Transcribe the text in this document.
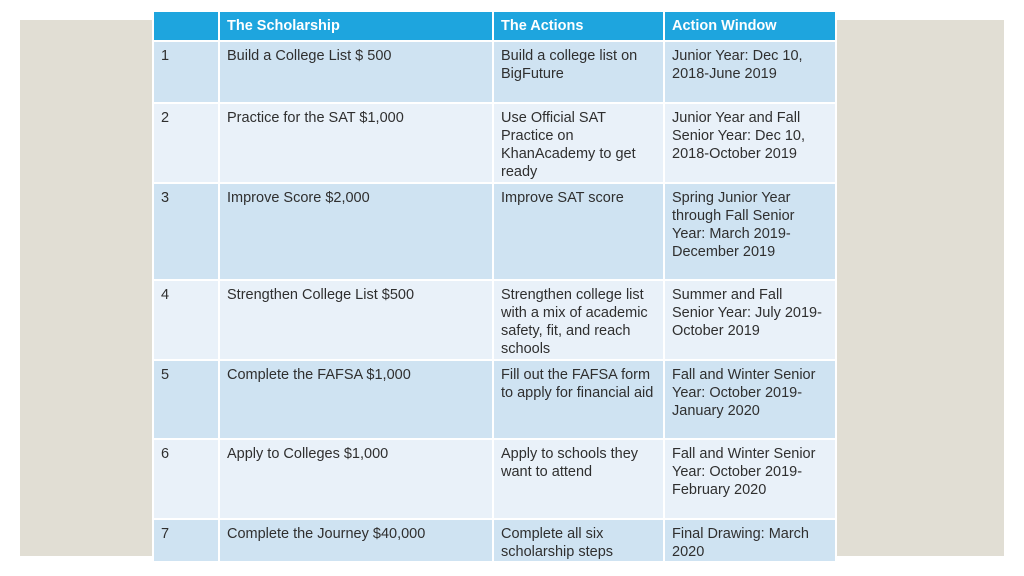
	The Scholarship	The Actions	Action Window
1	Build a College List $ 500	Build a college list on BigFuture	Junior Year: Dec 10, 2018-June 2019
2	Practice for the SAT $1,000	Use Official SAT Practice on KhanAcademy to get ready	Junior Year and Fall Senior Year: Dec 10, 2018-October 2019
3	Improve Score $2,000	Improve SAT score	Spring Junior Year through Fall Senior Year: March 2019-December 2019
4	Strengthen College List $500	Strengthen college list with a mix of academic safety, fit, and reach schools	Summer and Fall Senior Year: July 2019-October 2019
5	Complete the FAFSA $1,000	Fill out the FAFSA form to apply for financial aid	Fall and Winter Senior Year: October 2019-January 2020
6	Apply to Colleges $1,000	Apply to schools they want to attend	Fall and Winter Senior Year: October 2019-February 2020
7	Complete the Journey $40,000	Complete all six scholarship steps	Final Drawing: March 2020
